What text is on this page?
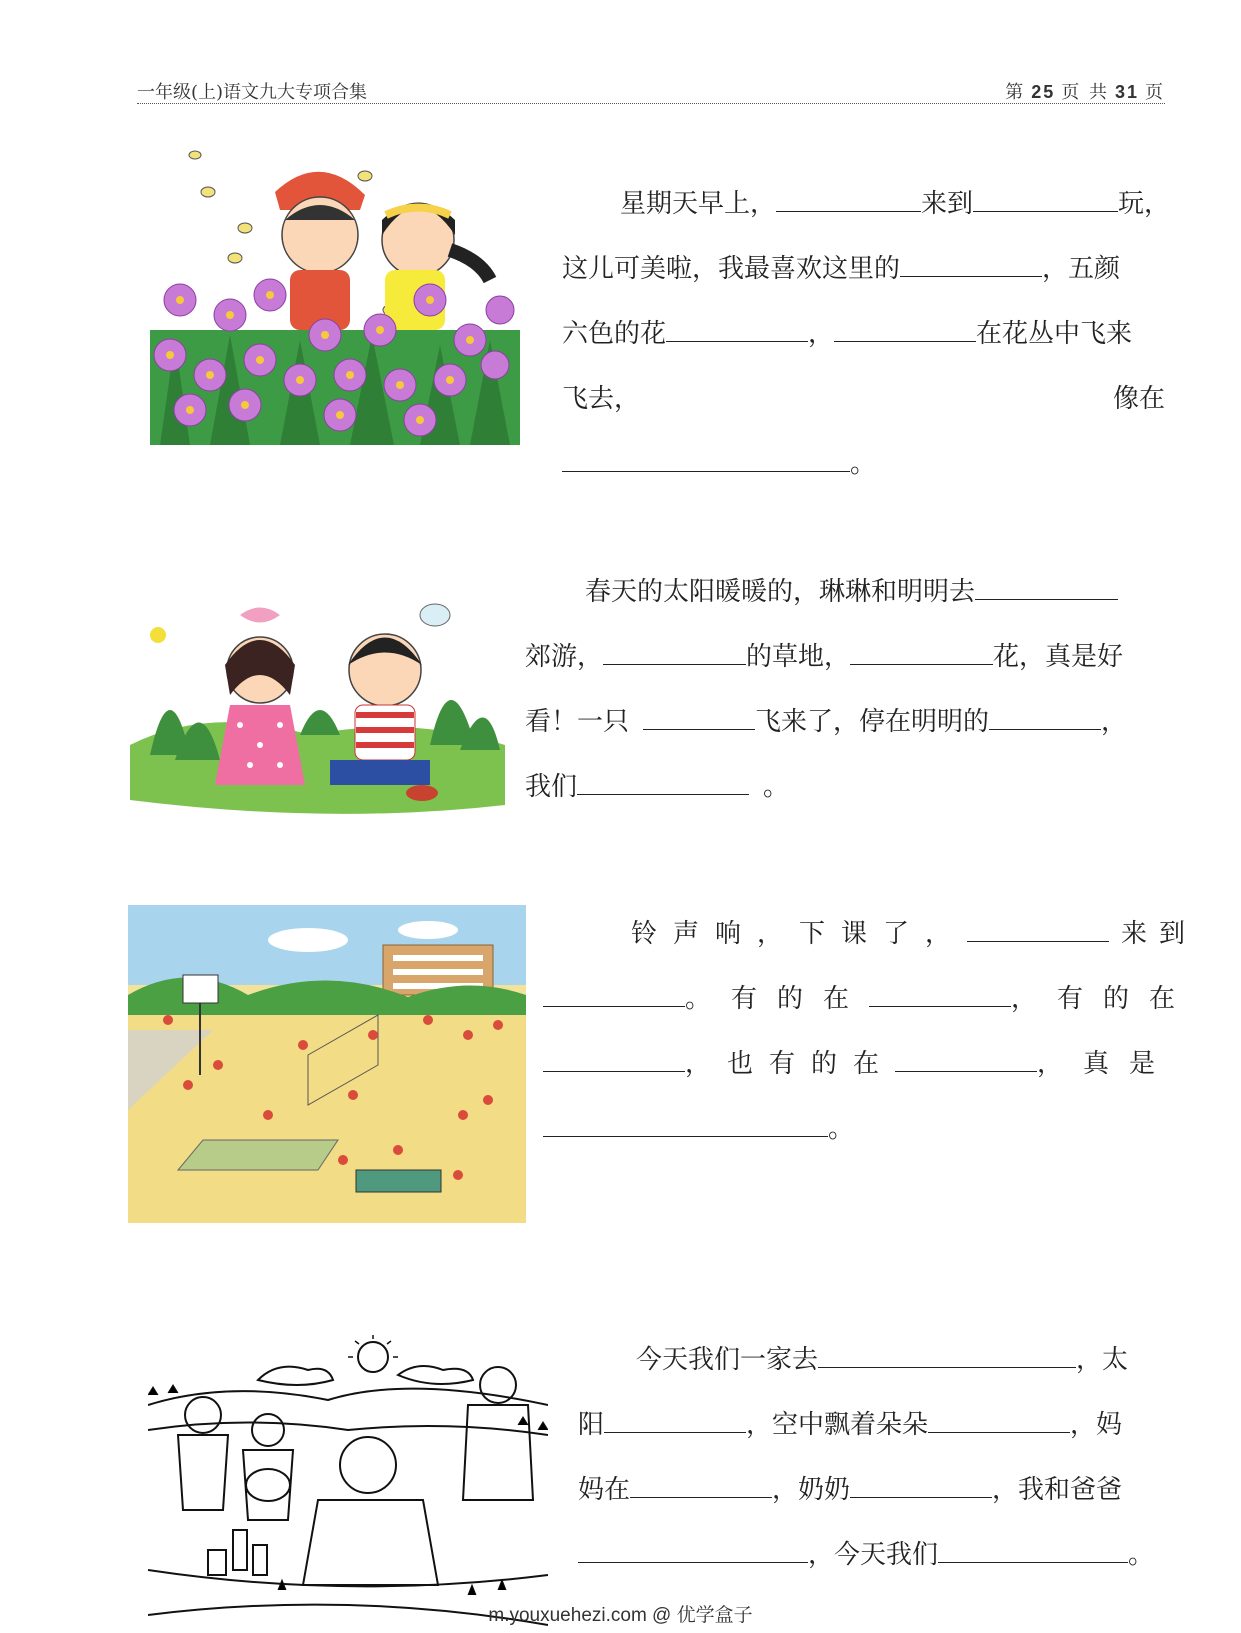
一年级(上)语文九大专项合集	第 25 页 共 31 页
星期天早上，	来到	玩，
这儿可美啦，我最喜欢这里的	，五颜
六色的花	，	在花丛中飞来
飞去，	像在
。
春天的太阳暖暖的，琳琳和明明去
郊游，	的草地，	花，真是好
看！一只	飞来了，停在明明的	，
我们	。
铃声响，下课了，	来到
。有的在	，有的在
，也有的在	，真是
。
今天我们一家去	，太
阳	，空中飘着朵朵	，妈
妈在	，奶奶	，我和爸爸
，今天我们	。
m.youxuehezi.com @ 优学盒子
